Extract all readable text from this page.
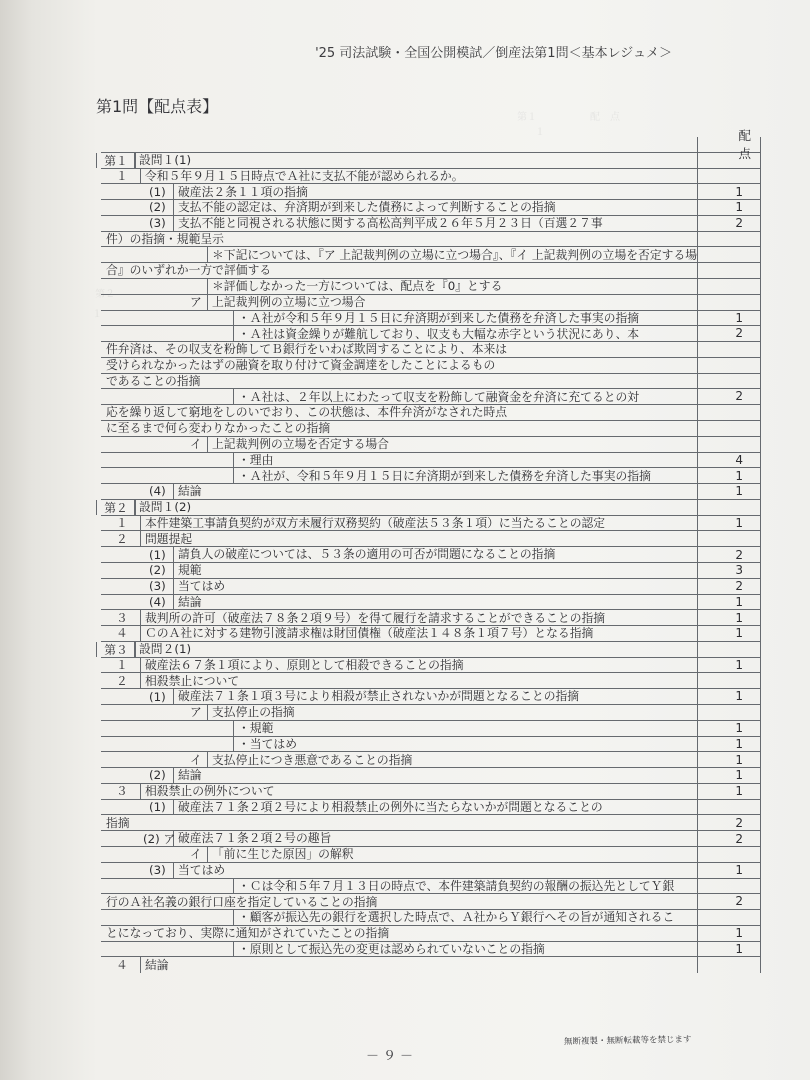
第１
１
配　点
第２
１
'25 司法試験・全国公開模試／倒産法第1問＜基本レジュメ＞
第1問【配点表】
配　点
第１ 設問１(1)
１ 令和５年９月１５日時点でＡ社に支払不能が認められるか。
(1) 破産法２条１１項の指摘	1
(2) 支払不能の認定は、弁済期が到来した債務によって判断することの指摘	1
(3) 支払不能と同視される状態に関する高松高判平成２６年５月２３日（百選２７事	2
件）の指摘・規範呈示
＊下記については、『ア 上記裁判例の立場に立つ場合』、『イ 上記裁判例の立場を否定する場
合』のいずれか一方で評価する
＊評価しなかった一方については、配点を『0』とする
ア 上記裁判例の立場に立つ場合
・Ａ社が令和５年９月１５日に弁済期が到来した債務を弁済した事実の指摘	1
・Ａ社は資金繰りが難航しており、収支も大幅な赤字という状況にあり、本	2
件弁済は、その収支を粉飾してＢ銀行をいわば欺罔することにより、本来は
受けられなかったはずの融資を取り付けて資金調達をしたことによるもの
であることの指摘
・Ａ社は、２年以上にわたって収支を粉飾して融資金を弁済に充てるとの対	2
応を繰り返して窮地をしのいでおり、この状態は、本件弁済がなされた時点
に至るまで何ら変わりなかったことの指摘
イ 上記裁判例の立場を否定する場合
・理由	4
・Ａ社が、令和５年９月１５日に弁済期が到来した債務を弁済した事実の指摘	1
(4) 結論	1
第２ 設問１(2)
１ 本件建築工事請負契約が双方未履行双務契約（破産法５３条１項）に当たることの認定	1
２ 問題提起
(1) 請負人の破産については、５３条の適用の可否が問題になることの指摘	2
(2) 規範	3
(3) 当てはめ	2
(4) 結論	1
３ 裁判所の許可（破産法７８条２項９号）を得て履行を請求することができることの指摘	1
４ ＣのＡ社に対する建物引渡請求権は財団債権（破産法１４８条１項７号）となる指摘	1
第３ 設問２(1)
１ 破産法６７条１項により、原則として相殺できることの指摘	1
２ 相殺禁止について
(1) 破産法７１条１項３号により相殺が禁止されないかが問題となることの指摘	1
ア 支払停止の指摘
・規範	1
・当てはめ	1
イ 支払停止につき悪意であることの指摘	1
(2) 結論	1
３ 相殺禁止の例外について	1
(1) 破産法７１条２項２号により相殺禁止の例外に当たらないかが問題となることの
指摘	2
(2) ア 破産法７１条２項２号の趣旨	2
イ 「前に生じた原因」の解釈
(3) 当てはめ	1
・Ｃは令和５年７月１３日の時点で、本件建築請負契約の報酬の振込先としてＹ銀
行のＡ社名義の銀行口座を指定していることの指摘	2
・顧客が振込先の銀行を選択した時点で、Ａ社からＹ銀行へその旨が通知されるこ
とになっており、実際に通知がされていたことの指摘	1
・原則として振込先の変更は認められていないことの指摘	1
４ 結論
無断複製・無断転載等を禁じます
－９－
